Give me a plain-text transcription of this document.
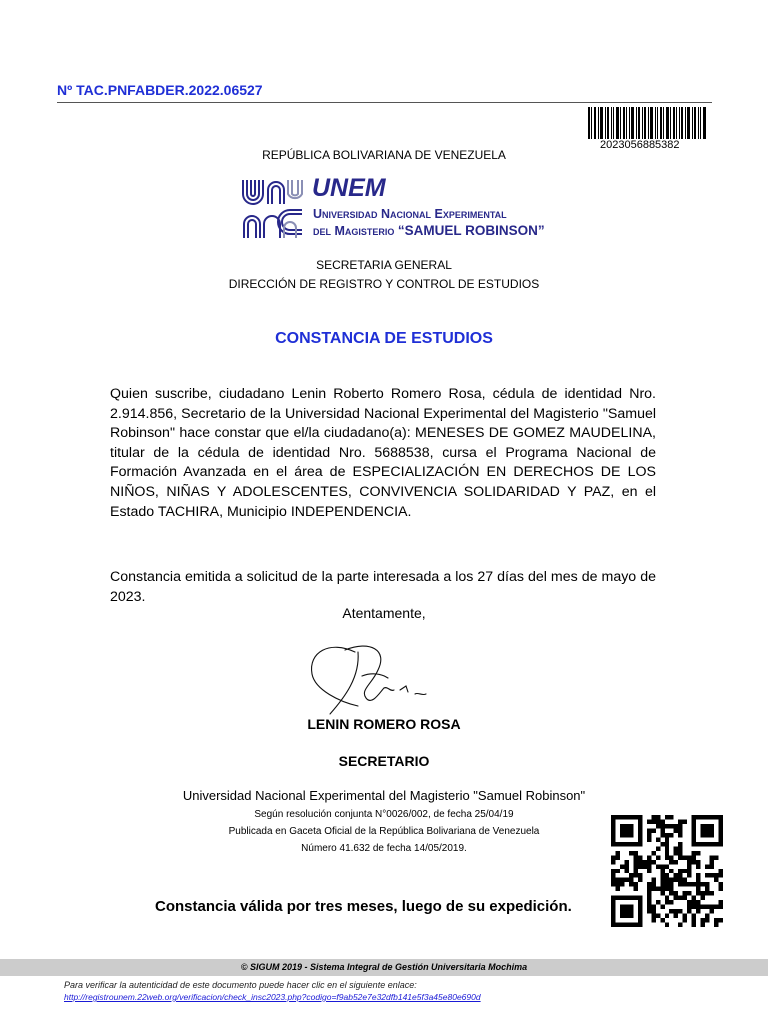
Nº TAC.PNFABDER.2022.06527
2023056885382
REPÚBLICA BOLIVARIANA DE VENEZUELA
UNEM
Universidad Nacional Experimental
del Magisterio “SAMUEL ROBINSON”
SECRETARIA GENERAL
DIRECCIÓN DE REGISTRO Y CONTROL DE ESTUDIOS
CONSTANCIA DE ESTUDIOS

Quien suscribe, ciudadano Lenin Roberto Romero Rosa, cédula de identidad Nro. 2.914.856, Secretario de la Universidad Nacional Experimental del Magisterio "Samuel Robinson" hace constar que el/la ciudadano(a): MENESES DE GOMEZ MAUDELINA, titular de la cédula de identidad Nro. 5688538, cursa el Programa Nacional de Formación Avanzada en el área de ESPECIALIZACIÓN EN DERECHOS DE LOS NIÑOS, NIÑAS Y ADOLESCENTES, CONVIVENCIA SOLIDARIDAD Y PAZ, en el Estado TACHIRA, Municipio INDEPENDENCIA.

Constancia emitida a solicitud de la parte interesada a los 27 días del mes de mayo de 2023.

Atentamente,
LENIN ROMERO ROSA
SECRETARIO
Universidad Nacional Experimental del Magisterio "Samuel Robinson"
Según resolución conjunta N°0026/002, de fecha 25/04/19
Publicada en Gaceta Oficial de la República Bolivariana de Venezuela
Número 41.632 de fecha 14/05/2019.
Constancia válida por tres meses, luego de su expedición.
© SIGUM 2019 - Sistema Integral de Gestión Universitaria Mochima
Para verificar la autenticidad de este documento puede hacer clic en el siguiente enlace:
http://registrounem.22web.org/verificacion/check_insc2023.php?codigo=f9ab52e7e32dfb141e5f3a45e80e690d
